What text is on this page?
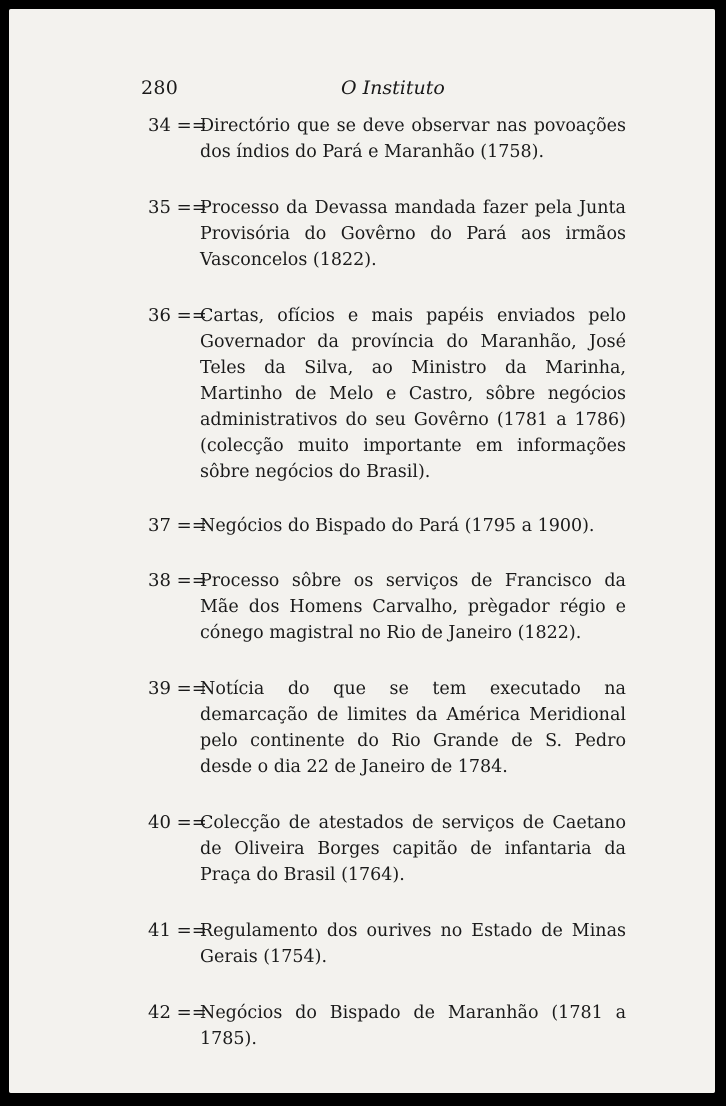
280	O Instituto
34 ==
Directório que se deve observar nas povoações dos índios do Pará e Maranhão (1758).
35 ==
Processo da Devassa mandada fazer pela Junta Provisória do Govêrno do Pará aos irmãos Vasconcelos (1822).
36 ==
Cartas, ofícios e mais papéis enviados pelo Governador da província do Maranhão, José Teles da Silva, ao Ministro da Marinha, Martinho de Melo e Castro, sôbre negócios administrativos do seu Govêrno (1781 a 1786) (colecção muito importante em informações sôbre negócios do Brasil).
37 ==
Negócios do Bispado do Pará (1795 a 1900).
38 ==
Processo sôbre os serviços de Francisco da Mãe dos Homens Carvalho, prègador régio e cónego magistral no Rio de Janeiro (1822).
39 ==
Notícia do que se tem executado na demarcação de limites da América Meridional pelo continente do Rio Grande de S. Pedro desde o dia 22 de Janeiro de 1784.
40 ==
Colecção de atestados de serviços de Caetano de Oliveira Borges capitão de infantaria da Praça do Brasil (1764).
41 ==
Regulamento dos ourives no Estado de Minas Gerais (1754).
42 ==
Negócios do Bispado de Maranhão (1781 a 1785).
